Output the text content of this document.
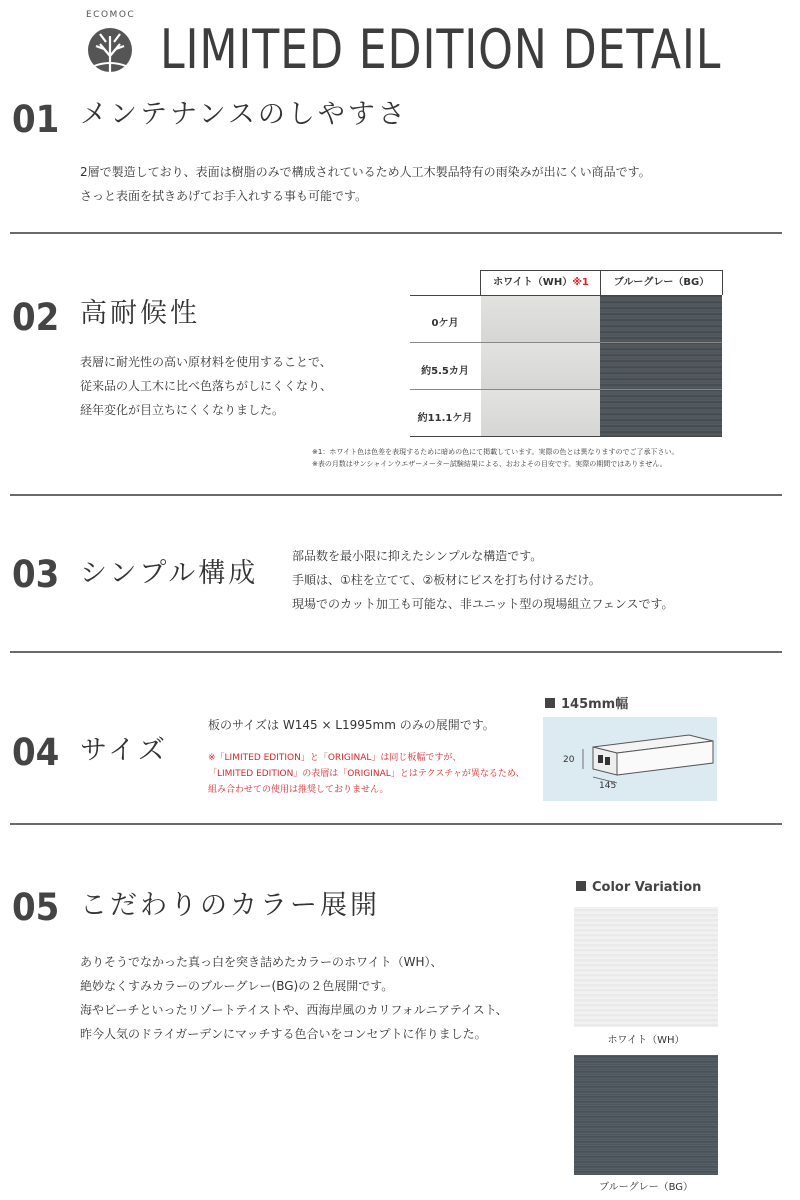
ECOMOC
LIMITED EDITION DETAIL
01 メンテナンスのしやすさ
2層で製造しており、表面は樹脂のみで構成されているため人工木製品特有の雨染みが出にくい商品です。
さっと表面を拭きあげてお手入れする事も可能です。
02 高耐候性
表層に耐光性の高い原材料を使用することで、
従来品の人工木に比べ色落ちがしにくくなり、
経年変化が目立ちにくくなりました。
ホワイト（WH）※1	ブルーグレー（BG）
0ケ月
約5.5カ月
約11.1ケ月
※1：ホワイト色は色差を表現するために暗めの色にて掲載しています。実際の色とは異なりますのでご了承下さい。
※表の月数はサンシャインウエザーメーター試験結果による、おおよその目安です。実際の期間ではありません。
03 シンプル構成
部品数を最小限に抑えたシンプルな構造です。
手順は、①柱を立てて、②板材にビスを打ち付けるだけ。
現場でのカット加工も可能な、非ユニット型の現場組立フェンスです。
04 サイズ
板のサイズは W145 × L1995mm のみの展開です。
※「LIMITED EDITION」と「ORIGINAL」は同じ板幅ですが、
「LIMITED EDITION」の表層は「ORIGINAL」とはテクスチャが異なるため、
組み合わせての使用は推奨しておりません。
145mm幅
20
145
05 こだわりのカラー展開
ありそうでなかった真っ白を突き詰めたカラーのホワイト（WH）、
絶妙なくすみカラーのブルーグレー(BG)の２色展開です。
海やビーチといったリゾートテイストや、西海岸風のカリフォルニアテイスト、
昨今人気のドライガーデンにマッチする色合いをコンセプトに作りました。
Color Variation
ホワイト（WH）
ブルーグレー（BG）
